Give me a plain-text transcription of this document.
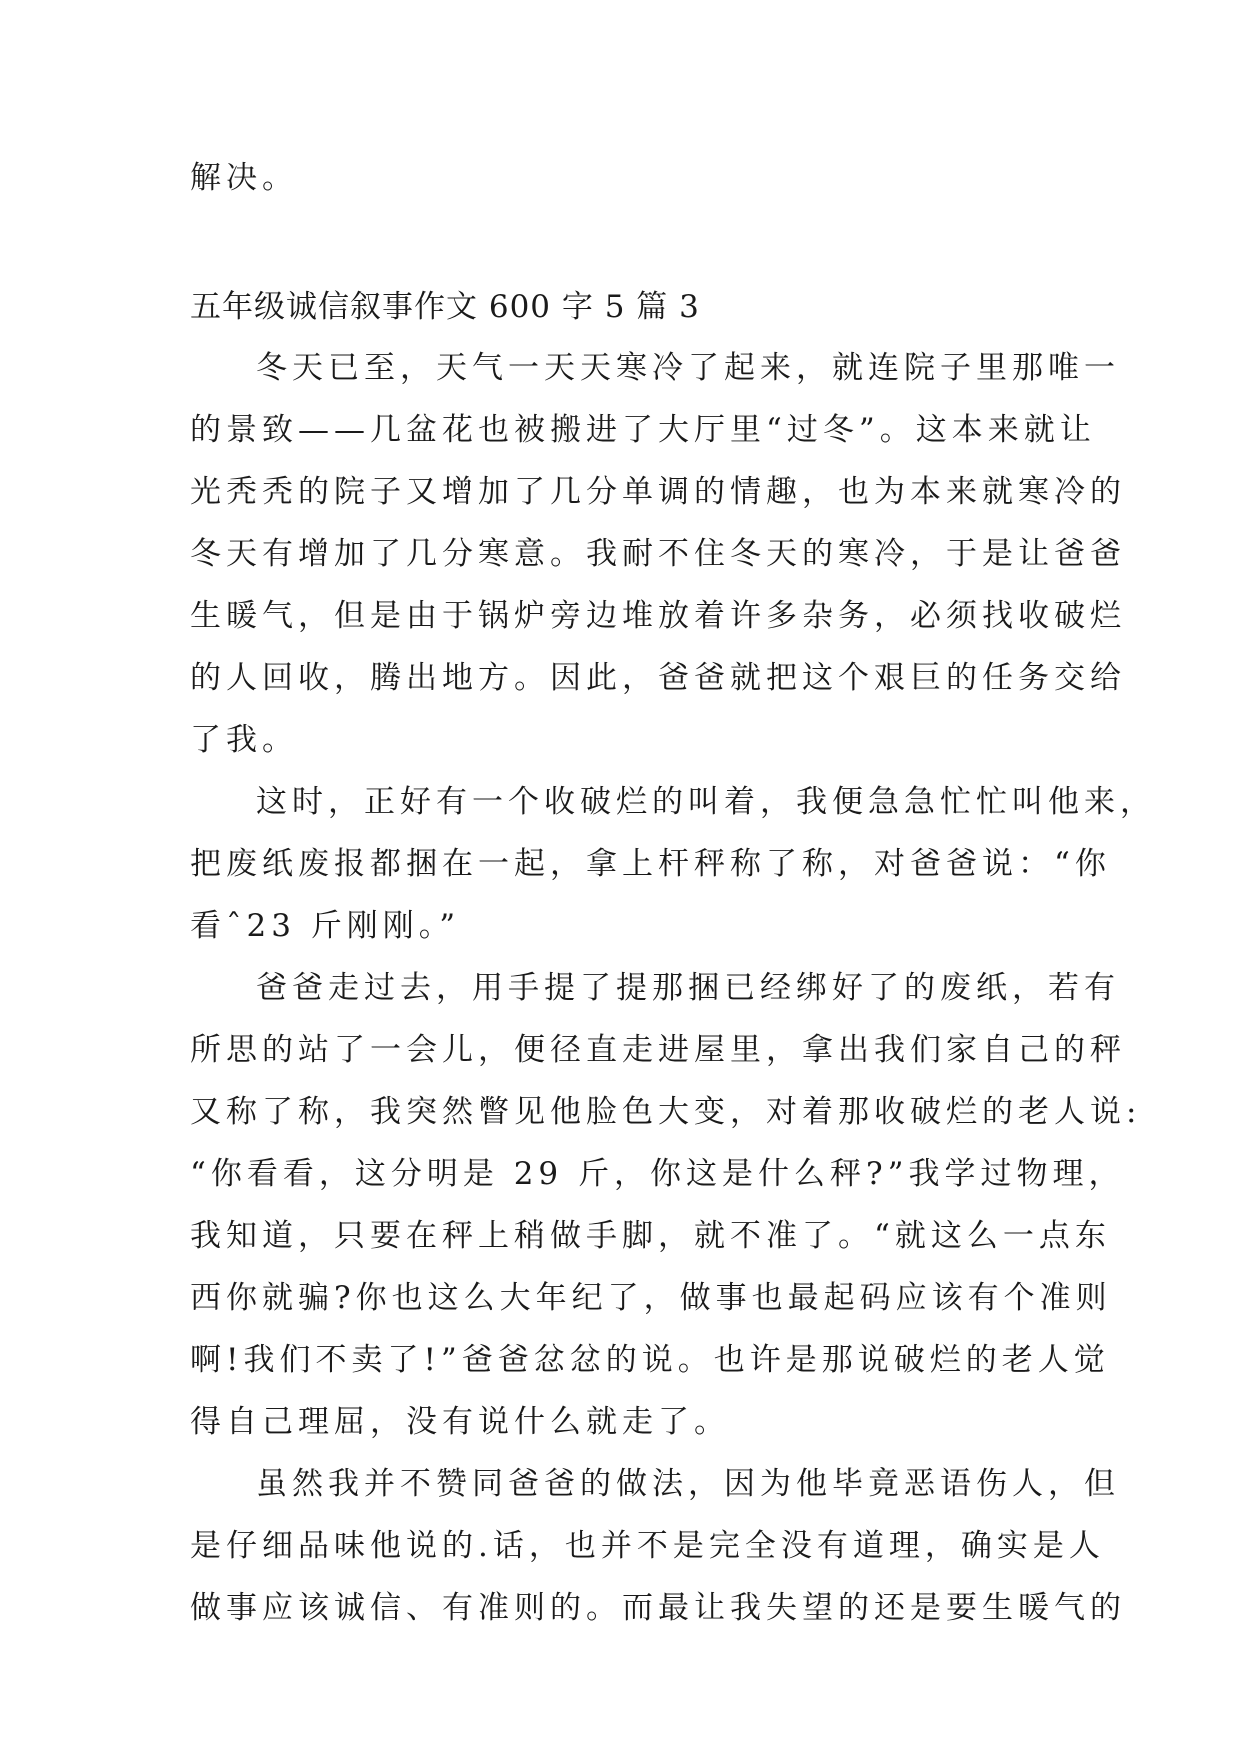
解决。
五年级诚信叙事作文 600 字 5 篇 3
冬天已至，天气一天天寒冷了起来，就连院子里那唯一
的景致——几盆花也被搬进了大厅里“过冬”。这本来就让
光秃秃的院子又增加了几分单调的情趣，也为本来就寒冷的
冬天有增加了几分寒意。我耐不住冬天的寒冷，于是让爸爸
生暖气，但是由于锅炉旁边堆放着许多杂务，必须找收破烂
的人回收，腾出地方。因此，爸爸就把这个艰巨的任务交给
了我。
这时，正好有一个收破烂的叫着，我便急急忙忙叫他来，
把废纸废报都捆在一起，拿上杆秤称了称，对爸爸说：“你
看ˆ23 斤刚刚。”
爸爸走过去，用手提了提那捆已经绑好了的废纸，若有
所思的站了一会儿，便径直走进屋里，拿出我们家自己的秤
又称了称，我突然瞥见他脸色大变，对着那收破烂的老人说:
“你看看，这分明是 29 斤，你这是什么秤?”我学过物理，
我知道，只要在秤上稍做手脚，就不准了。“就这么一点东
西你就骗?你也这么大年纪了，做事也最起码应该有个准则
啊!我们不卖了!”爸爸忿忿的说。也许是那说破烂的老人觉
得自己理屈，没有说什么就走了。
虽然我并不赞同爸爸的做法，因为他毕竟恶语伤人，但
是仔细品味他说的.话，也并不是完全没有道理，确实是人
做事应该诚信、有准则的。而最让我失望的还是要生暖气的
